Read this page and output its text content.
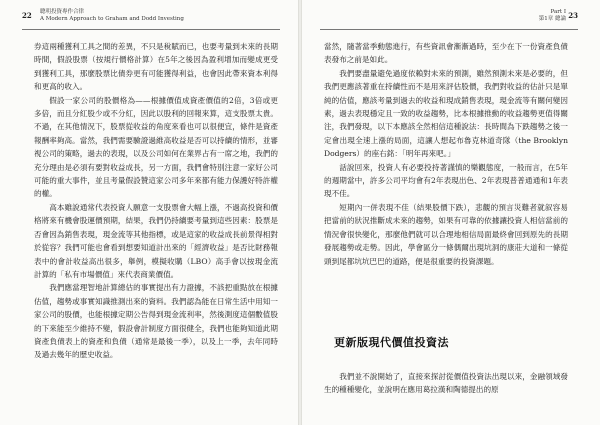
22 聰明投資專作合律
A Modern Approach to Graham and Dodd Investing

券這兩種獲利工具之間的差異，不只是稅賦而已，也要考量到未來的長期時間，假設股票（按規行價格計算）在5年之後因為盈利增加而變成更受到獲利工具，那麼股票比債券更有可能獲得利益，也會因此帶來資本利得和更高的收入。

假設一家公司的股價格為——根據價值成資產價值的2倍，3倍或更多倍，而且分紅股少或不分紅，因此以股利的回報來算，這支股票太貴。不過，在其他情況下，股票從收益的角度來看也可以很便宜，條件是資產報酬率夠高。當然，我們需要驗證過維高收益是否可以持續的情形，並審視公司的策略，過去的表現，以及公司如何在業界占有一席之地，我們的充分理由是必須有要對收益成長，另一方面，我們會特別注意一家好公司可能的重大事件，並且考量假設贊這家公司多年來都有能力保護好特許權的權。

高本雖說通常代表投資人願意一支股票會大幅上漲，不過高投資和價格將來有機會股運價預期，結果，我們仍持續要考量到這些因素：股票是否會因為銷售表現，現金流等其他指標，或是這家的收益成長前景得相對於從容？我們可能也會看到想要知道計出來的「經濟收益」是否比財務報表中的會計收益高出很多，舉例，模擬收購（LBO）高手會以按現金流計算的「私有市場價值」來代表商業價值。

我們應當理智地計算總估的事實提出有力證據，不該把重點放在根據估值，趨勢或事實知識推測出來的資料。我們認為能在日常生活中用知一家公司的股價，也能根據定期公告得到現金流利率，然後測度這個數值股的下來能至少維持不變，假設會計制度方面很健全，我們也能夠知道此期資產負債表上的資產和負債（通常是最後一季），以及上一季，去年同時及過去幾年的歷史收益。

Part I
第1章 總論 23

當然，隨著當季動態進行，有些資訊會漸漸過時，至少在下一份資產負債表發布之前是如此。

我們要盡量避免過度依賴對未來的預測，雖然預測未來是必要的，但我們更應該著重在持續性而不是用來評估股價，我們對收益的估計只是單純的估值，應該考量到過去的收益和現成銷售表現，現金流等有關何變因素，過去表現穩定且一致的收益趨勢，比本根據推動的收益趨勢更值得關注，我們發現，以下本應該全然相信這種說法：長時間為下跌趨勢之後一定會出現全速上漲的局面，這讓人想起布魯克林道奇隊（the Brooklyn Dodgers）的座右銘：「明年再來吧。」

話說回來，投資人有必要投持著謹慎的樂觀態度，一般而言，在5年的週期當中，許多公司平均會有2年表現出色、2年表現普普通通和1年表現不佳。

短期內一併表現不佳（結果股價下跌），悲觀的預言災難者就叙容易把當前的狀況推斷成未來的趨勢，如果有可靠的依據讓投資人相信當前的情況會很快變化，那麼他們就可以合理地相信局面最終會回到原先的長期發展趨勢或走勢。因此，學會區分一條偶爾出現坑洞的康莊大道和一條從頭到尾都坑坑巴巴的道路，便是很重要的投資課題。

更新版現代價值投資法

我們並不說開始了，直接來探討從價值投資法出現以來，金融領域發生的種種變化，並說明在應用葛拉漢和陶德提出的原
